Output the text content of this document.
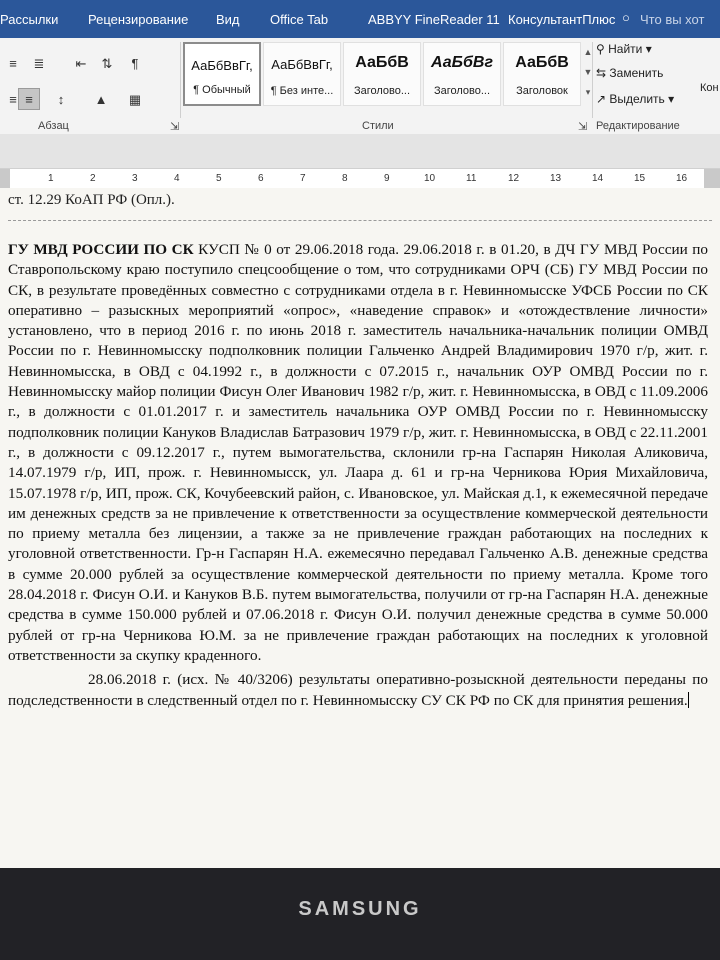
Рассылки Рецензирование Вид Office Tab	ABBYY FineReader 11 КонсультантПлюс ○ Что вы хот
≡	≣	⇤	⇅	¶
≡ ≡	↕	▲	▦
Абзац	⇲
АаБбВвГг,
¶ Обычный
АаБбВвГг,
¶ Без инте...
АаБбВ
Заголово...
АаБбВг
Заголово...
АаБбВ
Заголовок
▲
▼
▾
Стили	⇲
⚲ Найти ▾
⇆ Заменить
↗ Выделить ▾
Редактирование
Кон
1	2	3	4	5	6	7	8	9	10	11	12	13	14	15	16
ст. 12.29 КоАП РФ (Опл.).
ГУ МВД РОССИИ ПО СК КУСП № 0 от 29.06.2018 года. 29.06.2018 г. в 01.20, в ДЧ ГУ МВД России по Ставропольскому краю поступило спецсообщение о том, что сотрудниками ОРЧ (СБ) ГУ МВД России по СК, в результате проведённых совместно с сотрудниками отдела в г. Невинномысске УФСБ России по СК оперативно – разыскных мероприятий «опрос», «наведение справок» и «отождествление личности» установлено, что в период 2016 г. по июнь 2018 г. заместитель начальника-начальник полиции ОМВД России по г. Невинномысску подполковник полиции Гальченко Андрей Владимирович 1970 г/р, жит. г. Невинномысска, в ОВД с 04.1992 г., в должности с 07.2015 г., начальник ОУР ОМВД России по г. Невинномысску майор полиции Фисун Олег Иванович 1982 г/р, жит. г. Невинномысска, в ОВД с 11.09.2006 г., в должности с 01.01.2017 г. и заместитель начальника ОУР ОМВД России по г. Невинномысску подполковник полиции Кануков Владислав Батразович 1979 г/р, жит. г. Невинномысска, в ОВД с 22.11.2001 г., в должности с 09.12.2017 г., путем вымогательства, склонили гр-на Гаспарян Николая Аликовича, 14.07.1979 г/р, ИП, прож. г. Невинномысск, ул. Лаара д. 61 и гр-на Черникова Юрия Михайловича, 15.07.1978 г/р, ИП, прож. СК, Кочубеевский район, с. Ивановское, ул. Майская д.1, к ежемесячной передаче им денежных средств за не привлечение к ответственности за осуществление коммерческой деятельности по приему металла без лицензии, а также за не привлечение граждан работающих на последних к уголовной ответственности. Гр-н Гаспарян Н.А. ежемесячно передавал Гальченко А.В. денежные средства в сумме 20.000 рублей за осуществление коммерческой деятельности по приему металла. Кроме того 28.04.2018 г. Фисун О.И. и Кануков В.Б. путем вымогательства, получили от гр-на Гаспарян Н.А. денежные средства в сумме 150.000 рублей и 07.06.2018 г. Фисун О.И. получил денежные средства в сумме 50.000 рублей от гр-на Черникова Ю.М. за не привлечение граждан работающих на последних к уголовной ответственности за скупку краденного.
28.06.2018 г. (исх. № 40/3206) результаты оперативно-розыскной деятельности переданы по подследственности в следственный отдел по г. Невинномысску СУ СК РФ по СК для принятия решения.
SAMSUNG
